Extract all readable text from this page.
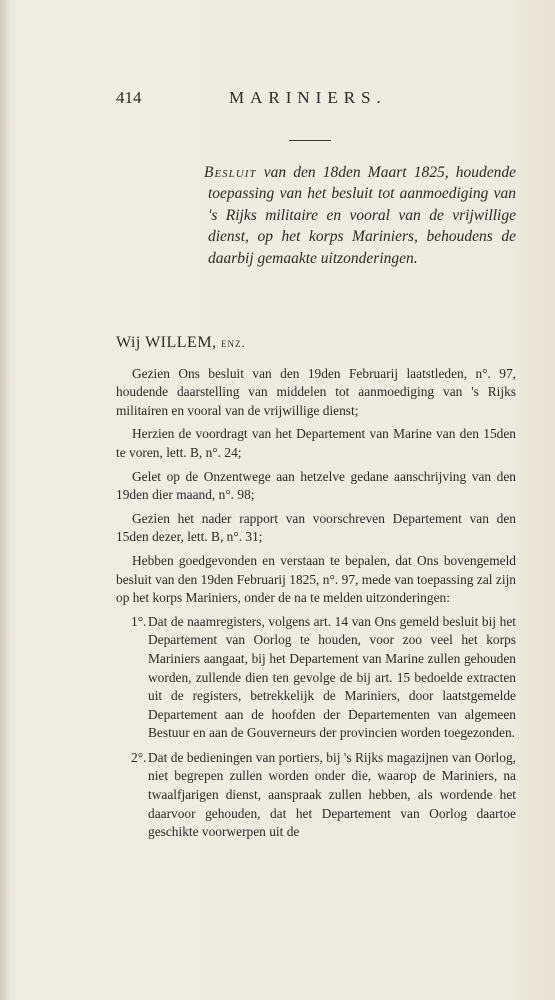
414	MARINIERS.
Besluit van den 18den Maart 1825, houdende toepassing van het besluit tot aanmoediging van 's Rijks militaire en vooral van de vrijwillige dienst, op het korps Mariniers, behoudens de daarbij gemaakte uitzonderingen.
Wij WILLEM, enz.

Gezien Ons besluit van den 19den Februarij laatstleden, n°. 97, houdende daarstelling van middelen tot aanmoediging van 's Rijks militairen en vooral van de vrijwillige dienst;

Herzien de voordragt van het Departement van Marine van den 15den te voren, lett. B, n°. 24;

Gelet op de Onzentwege aan hetzelve gedane aanschrijving van den 19den dier maand, n°. 98;

Gezien het nader rapport van voorschreven Departement van den 15den dezer, lett. B, n°. 31;

Hebben goedgevonden en verstaan te bepalen, dat Ons bovengemeld besluit van den 19den Februarij 1825, n°. 97, mede van toepassing zal zijn op het korps Mariniers, onder de na te melden uitzonderingen:

1°. Dat de naamregisters, volgens art. 14 van Ons gemeld besluit bij het Departement van Oorlog te houden, voor zoo veel het korps Mariniers aangaat, bij het Departement van Marine zullen gehouden worden, zullende dien ten gevolge de bij art. 15 bedoelde extracten uit de registers, betrekkelijk de Mariniers, door laatstgemelde Departement aan de hoofden der Departementen van algemeen Bestuur en aan de Gouverneurs der provincien worden toegezonden.
2°. Dat de bedieningen van portiers, bij 's Rijks magazijnen van Oorlog, niet begrepen zullen worden onder die, waarop de Mariniers, na twaalfjarigen dienst, aanspraak zullen hebben, als wordende het daarvoor gehouden, dat het Departement van Oorlog daartoe geschikte voorwerpen uit de
